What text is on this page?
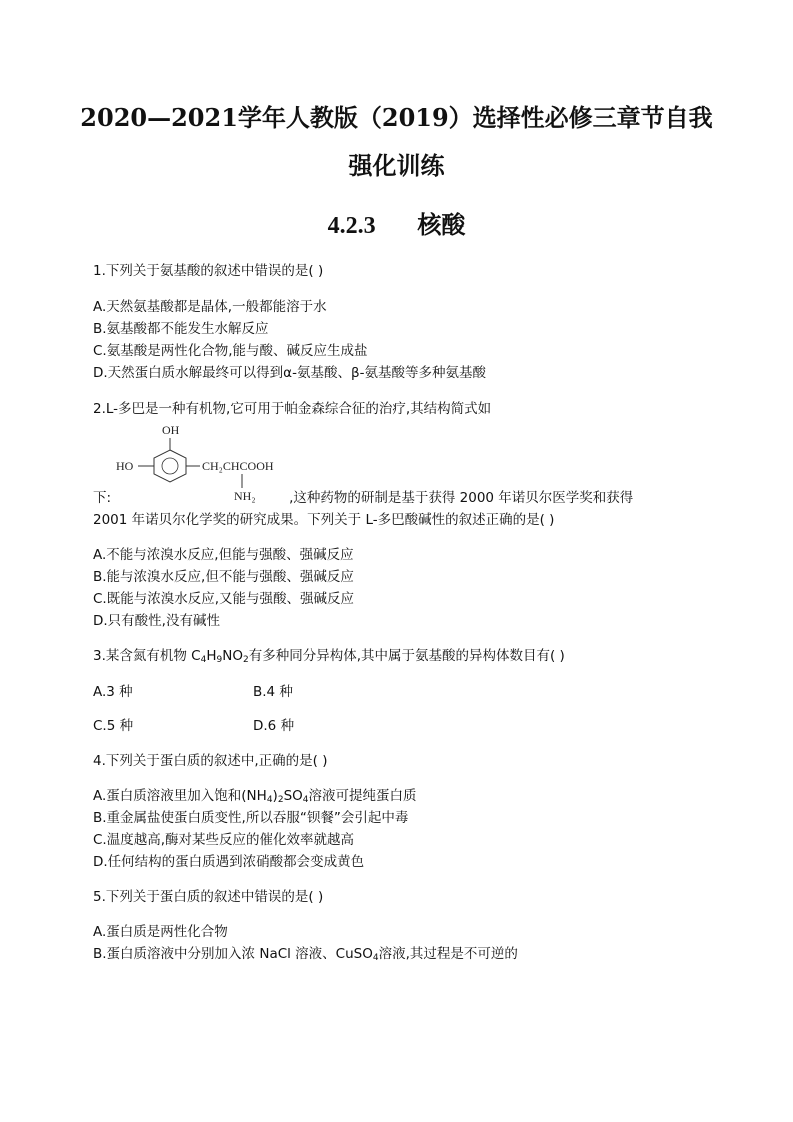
2020—2021学年人教版（2019）选择性必修三章节自我
强化训练
4.2.3 核酸
1.下列关于氨基酸的叙述中错误的是( )
A.天然氨基酸都是晶体,一般都能溶于水
B.氨基酸都不能发生水解反应
C.氨基酸是两性化合物,能与酸、碱反应生成盐
D.天然蛋白质水解最终可以得到α-氨基酸、β-氨基酸等多种氨基酸
2.L-多巴是一种有机物,它可用于帕金森综合征的治疗,其结构简式如
OH
HO	CH₂CHCOOH
NH₂
下:	,这种药物的研制是基于获得 2000 年诺贝尔医学奖和获得
2001 年诺贝尔化学奖的研究成果。下列关于 L-多巴酸碱性的叙述正确的是( )
A.不能与浓溴水反应,但能与强酸、强碱反应
B.能与浓溴水反应,但不能与强酸、强碱反应
C.既能与浓溴水反应,又能与强酸、强碱反应
D.只有酸性,没有碱性
3.某含氮有机物 $C_4H_9NO_2$有多种同分异构体,其中属于氨基酸的异构体数目有( )
A.3 种	B.4 种
C.5 种	D.6 种
4.下列关于蛋白质的叙述中,正确的是( )
A.蛋白质溶液里加入饱和$(NH_4)_2SO_4$溶液可提纯蛋白质
B.重金属盐使蛋白质变性,所以吞服“钡餐”会引起中毒
C.温度越高,酶对某些反应的催化效率就越高
D.任何结构的蛋白质遇到浓硝酸都会变成黄色
5.下列关于蛋白质的叙述中错误的是( )
A.蛋白质是两性化合物
B.蛋白质溶液中分别加入浓 NaCl 溶液、CuSO$_4$溶液,其过程是不可逆的
